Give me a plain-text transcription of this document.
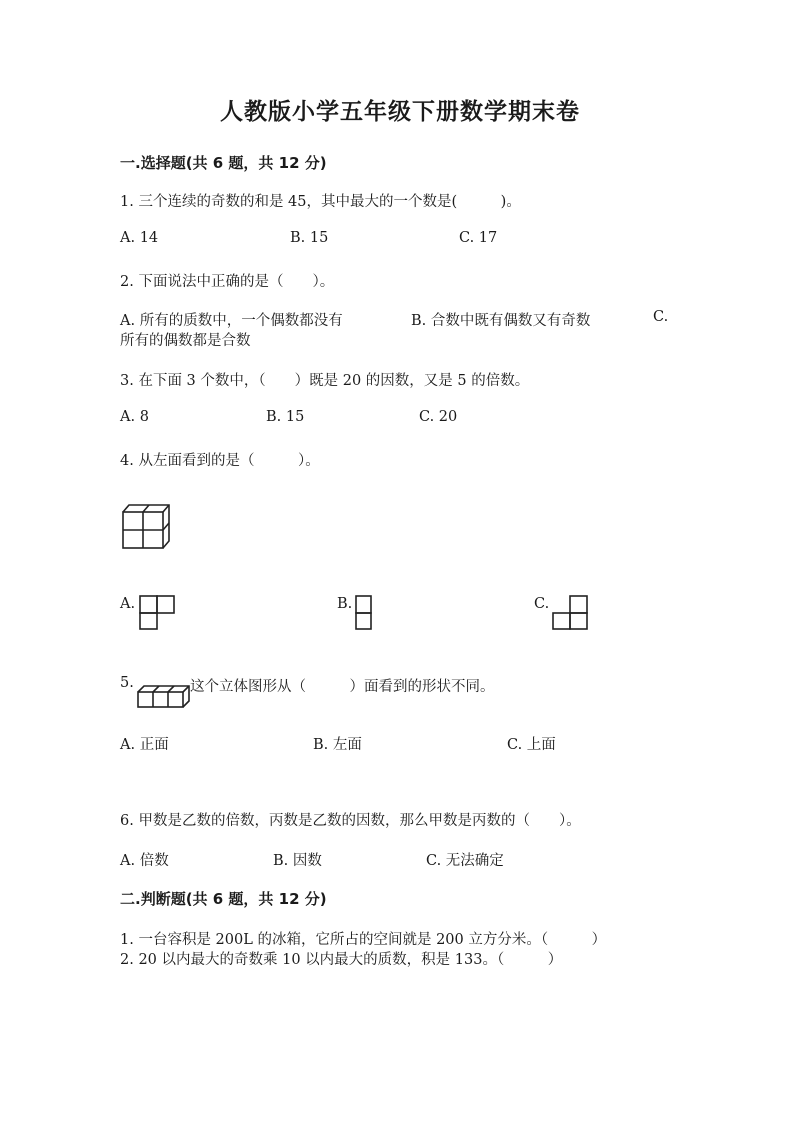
人教版小学五年级下册数学期末卷
一.选择题(共 6 题，共 12 分)
1. 三个连续的奇数的和是 45，其中最大的一个数是(　　　)。
A. 14	B. 15	C. 17
2. 下面说法中正确的是（　　）。
A. 所有的质数中，一个偶数都没有	B. 合数中既有偶数又有奇数	C.
所有的偶数都是合数
3. 在下面 3 个数中，（　　）既是 20 的因数，又是 5 的倍数。
A. 8	B. 15	C. 20
4. 从左面看到的是（　　　）。
A.	B.	C.
5.	这个立体图形从（　　　）面看到的形状不同。
A. 正面	B. 左面	C. 上面
6. 甲数是乙数的倍数，丙数是乙数的因数，那么甲数是丙数的（　　）。
A. 倍数	B. 因数	C. 无法确定
二.判断题(共 6 题，共 12 分)
1. 一台容积是 200L 的冰箱，它所占的空间就是 200 立方分米。（　　　）
2. 20 以内最大的奇数乘 10 以内最大的质数，积是 133。（　　　）
